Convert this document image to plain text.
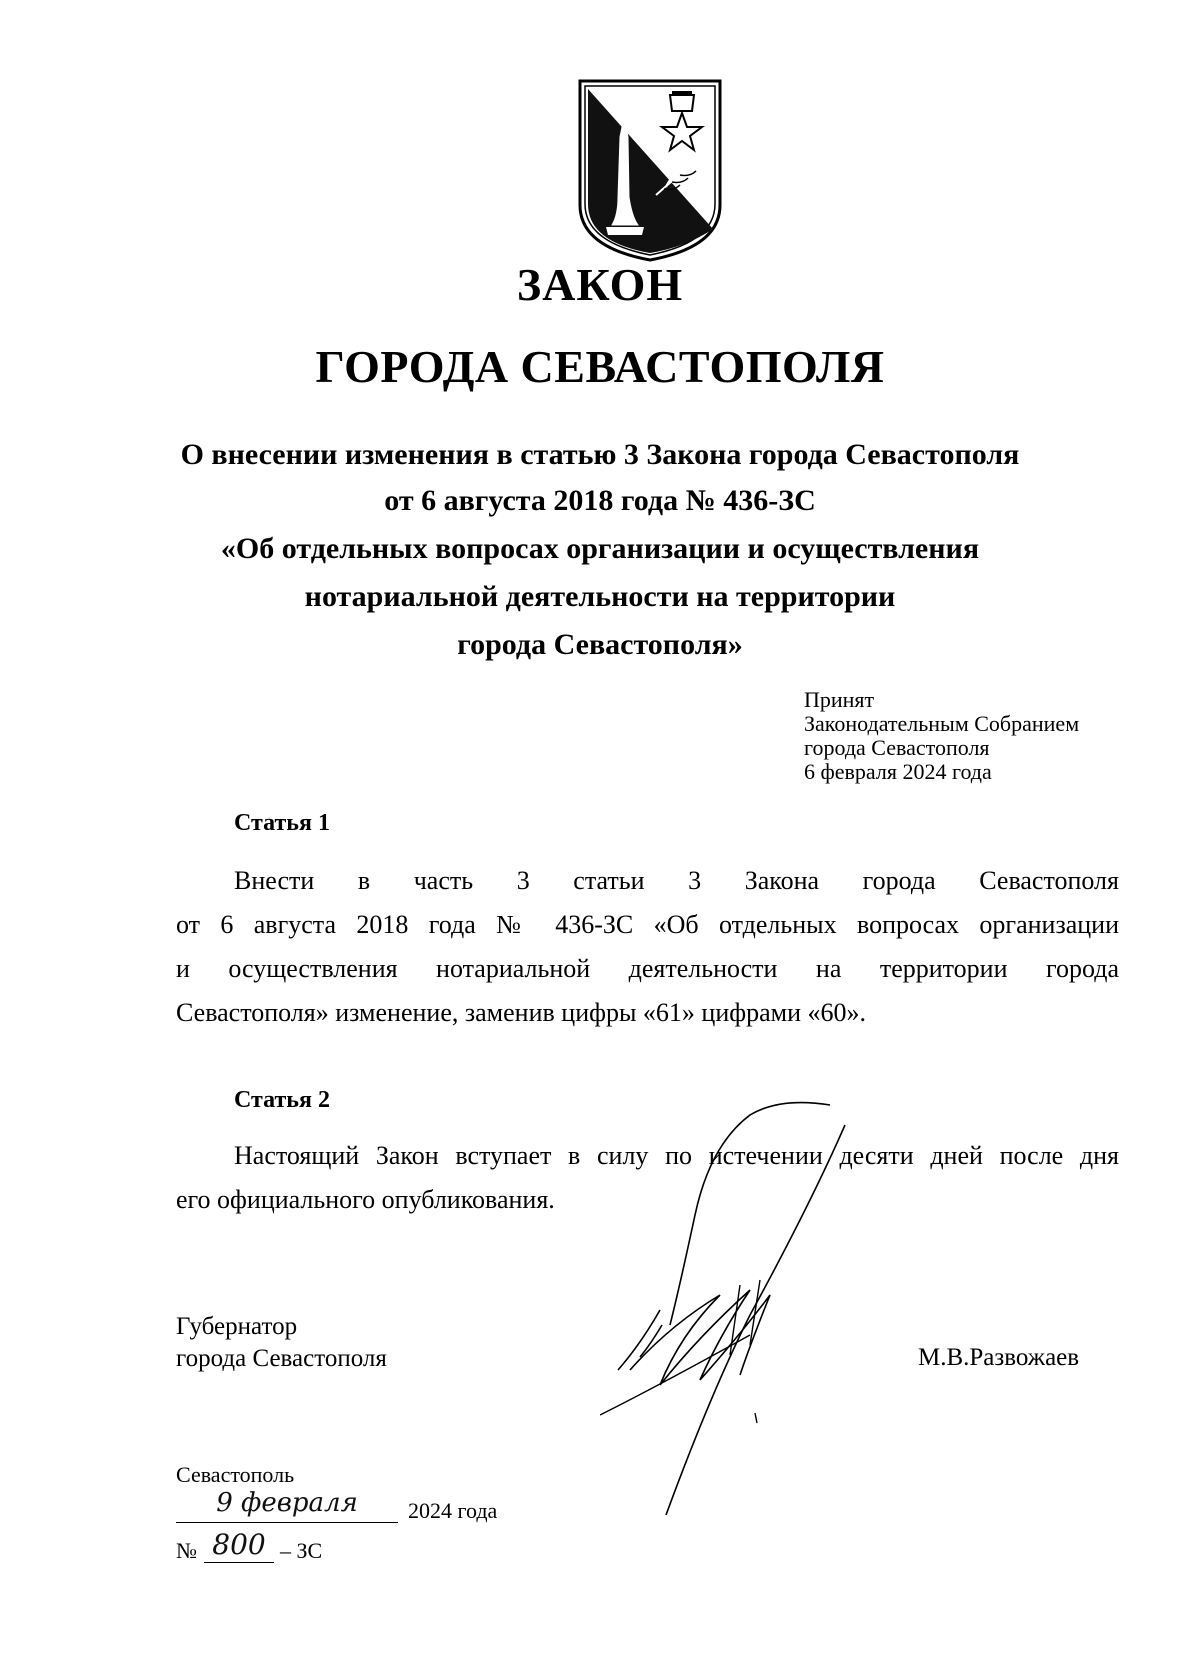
ЗАКОН
ГОРОДА СЕВАСТОПОЛЯ
О внесении изменения в статью 3 Закона города Севастополя
от 6 августа 2018 года № 436-ЗС
«Об отдельных вопросах организации и осуществления
нотариальной деятельности на территории
города Севастополя»
Принят
Законодательным Собранием
города Севастополя
6 февраля 2024 года
Статья 1
Внести в часть 3 статьи 3 Закона города Севастополя
от 6 августа 2018 года № 436-ЗС «Об отдельных вопросах организации
и осуществления нотариальной деятельности на территории города
Севастополя» изменение, заменив цифры «61» цифрами «60».
Статья 2
Настоящий Закон вступает в силу по истечении десяти дней после дня
его официального опубликования.
Губернатор
города Севастополя	М.В.Развожаев
Севастополь
9 февраля	2024 года
№ 800 – ЗС
